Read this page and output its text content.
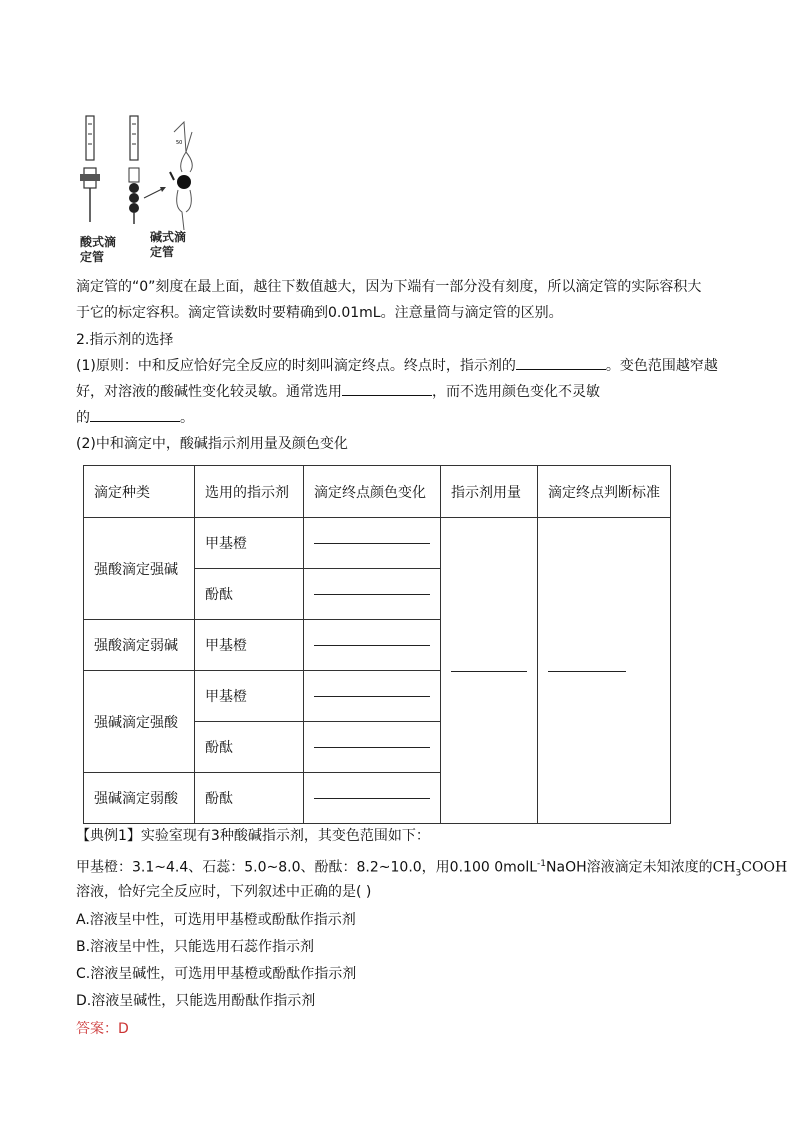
50
酸式滴
定管
碱式滴
定管
滴定管的“0”刻度在最上面，越往下数值越大，因为下端有一部分没有刻度，所以滴定管的实际容积大
于它的标定容积。滴定管读数时要精确到0.01mL。注意量筒与滴定管的区别。
2.指示剂的选择
(1)原则：中和反应恰好完全反应的时刻叫滴定终点。终点时，指示剂的	。变色范围越窄越
好，对溶液的酸碱性变化较灵敏。通常选用	，而不选用颜色变化不灵敏
的	。
(2)中和滴定中，酸碱指示剂用量及颜色变化
滴定种类	选用的指示剂	滴定终点颜色变化	指示剂用量	滴定终点判断标准
强酸滴定强碱	甲基橙	

	酚酞			

强酸滴定弱碱	甲基橙			

强碱滴定强酸	甲基橙			

	酚酞			

强碱滴定弱酸	酚酞			
【典例1】实验室现有3种酸碱指示剂，其变色范围如下：
甲基橙：3.1~4.4、石蕊：5.0~8.0、酚酞：8.2~10.0，用0.100 0molL$^{-1}$NaOH溶液滴定未知浓度的$CH_3COOH$
溶液，恰好完全反应时，下列叙述中正确的是( )
A.溶液呈中性，可选用甲基橙或酚酞作指示剂
B.溶液呈中性，只能选用石蕊作指示剂
C.溶液呈碱性，可选用甲基橙或酚酞作指示剂
D.溶液呈碱性，只能选用酚酞作指示剂
答案：D
